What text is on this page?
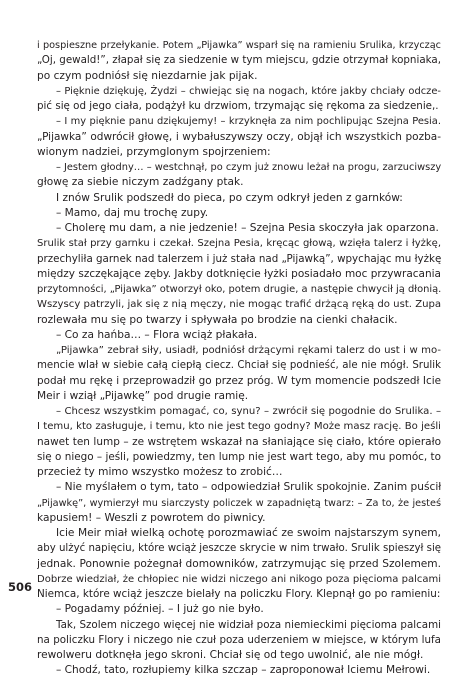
i pospieszne przełykanie. Potem „Pijawka” wsparł się na ramieniu Srulika, krzycząc
„Oj, gewald!”, złapał się za siedzenie w tym miejscu, gdzie otrzymał kopniaka,
po czym podniósł się niezdarnie jak pijak.
– Pięknie dziękuję, Żydzi – chwiejąc się na nogach, które jakby chciały odcze-
pić się od jego ciała, podążył ku drzwiom, trzymając się rękoma za siedzenie,.
– I my pięknie panu dziękujemy! – krzyknęła za nim pochlipując Szejna Pesia.
„Pijawka” odwrócił głowę, i wybałuszywszy oczy, objął ich wszystkich pozba-
wionym nadziei, przymglonym spojrzeniem:
– Jestem głodny… – westchnął, po czym już znowu leżał na progu, zarzuciwszy
głowę za siebie niczym zadźgany ptak.
I znów Srulik podszedł do pieca, po czym odkrył jeden z garnków:
– Mamo, daj mu trochę zupy.
– Cholerę mu dam, a nie jedzenie! – Szejna Pesia skoczyła jak oparzona.
Srulik stał przy garnku i czekał. Szejna Pesia, kręcąc głową, wzięła talerz i łyżkę,
przechyliła garnek nad talerzem i już stała nad „Pijawką”, wpychając mu łyżkę
między szczękające zęby. Jakby dotknięcie łyżki posiadało moc przywracania
przytomności, „Pijawka” otworzył oko, potem drugie, a następie chwycił ją dłonią.
Wszyscy patrzyli, jak się z nią męczy, nie mogąc trafić drżącą ręką do ust. Zupa
rozlewała mu się po twarzy i spływała po brodzie na cienki chałacik.
– Co za hańba… – Flora wciąż płakała.
„Pijawka” zebrał siły, usiadł, podniósł drżącymi rękami talerz do ust i w mo-
mencie wlał w siebie całą ciepłą ciecz. Chciał się podnieść, ale nie mógł. Srulik
podał mu rękę i przeprowadził go przez próg. W tym momencie podszedł Icie
Meir i wziął „Pijawkę” pod drugie ramię.
– Chcesz wszystkim pomagać, co, synu? – zwrócił się pogodnie do Srulika. –
I temu, kto zasługuje, i temu, kto nie jest tego godny? Może masz rację. Bo jeśli
nawet ten lump – ze wstrętem wskazał na słaniające się ciało, które opierało
się o niego – jeśli, powiedzmy, ten lump nie jest wart tego, aby mu pomóc, to
przecież ty mimo wszystko możesz to zrobić…
– Nie myślałem o tym, tato – odpowiedział Srulik spokojnie. Zanim puścił
„Pijawkę”, wymierzył mu siarczysty policzek w zapadniętą twarz: – Za to, że jesteś
kapusiem! – Weszli z powrotem do piwnicy.
Icie Meir miał wielką ochotę porozmawiać ze swoim najstarszym synem,
aby ulżyć napięciu, które wciąż jeszcze skrycie w nim trwało. Srulik spieszył się
jednak. Ponownie pożegnał domowników, zatrzymując się przed Szolemem.
Dobrze wiedział, że chłopiec nie widzi niczego ani nikogo poza pięcioma palcami
Niemca, które wciąż jeszcze bielały na policzku Flory. Klepnął go po ramieniu:
– Pogadamy później. – I już go nie było.
Tak, Szolem niczego więcej nie widział poza niemieckimi pięcioma palcami
na policzku Flory i niczego nie czuł poza uderzeniem w miejsce, w którym lufa
rewolweru dotknęła jego skroni. Chciał się od tego uwolnić, ale nie mógł.
– Chodź, tato, rozłupiemy kilka szczap – zaproponował Iciemu Mełrowi.
506
